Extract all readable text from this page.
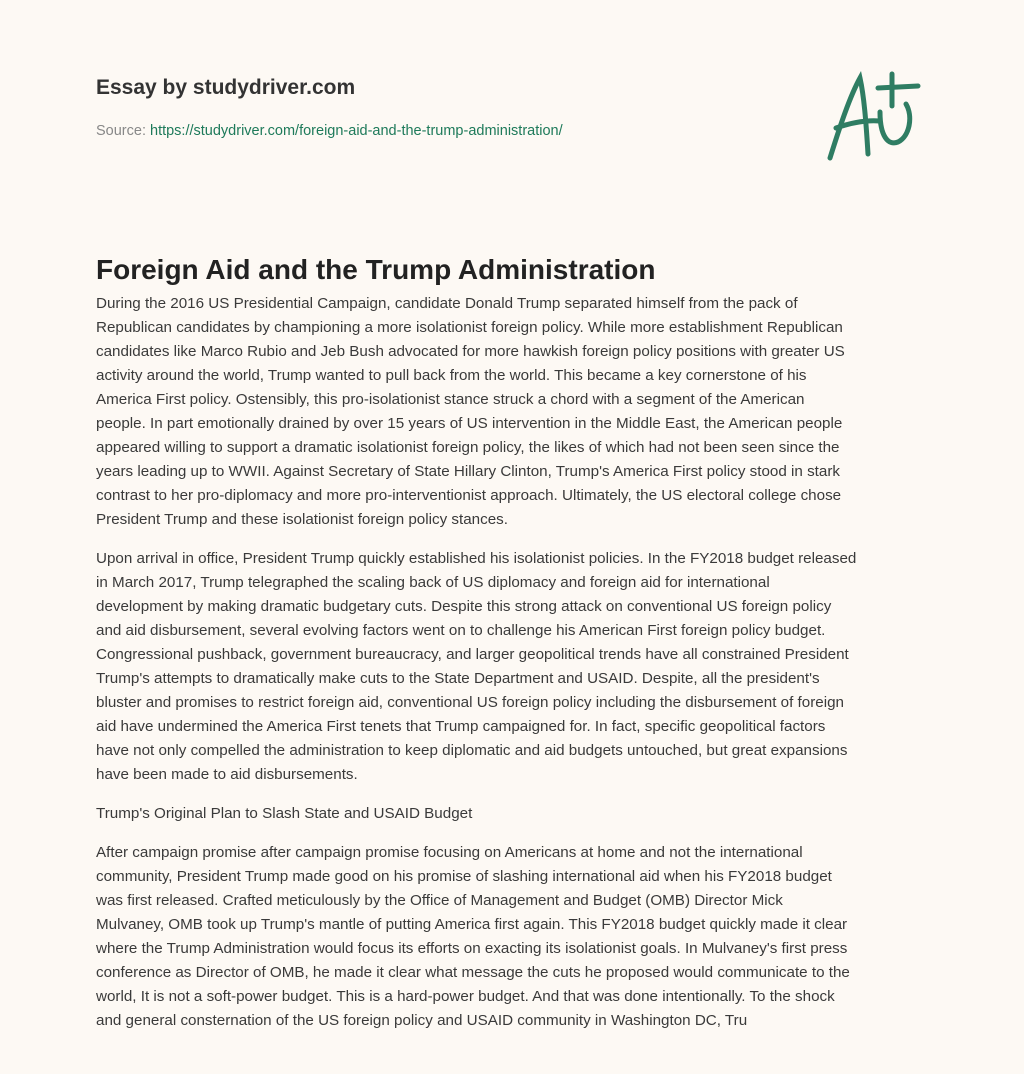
Essay by studydriver.com
Source: https://studydriver.com/foreign-aid-and-the-trump-administration/
Foreign Aid and the Trump Administration

During the 2016 US Presidential Campaign, candidate Donald Trump separated himself from the pack of
Republican candidates by championing a more isolationist foreign policy. While more establishment Republican
candidates like Marco Rubio and Jeb Bush advocated for more hawkish foreign policy positions with greater US
activity around the world, Trump wanted to pull back from the world. This became a key cornerstone of his
America First policy. Ostensibly, this pro-isolationist stance struck a chord with a segment of the American
people. In part emotionally drained by over 15 years of US intervention in the Middle East, the American people
appeared willing to support a dramatic isolationist foreign policy, the likes of which had not been seen since the
years leading up to WWII. Against Secretary of State Hillary Clinton, Trump's America First policy stood in stark
contrast to her pro-diplomacy and more pro-interventionist approach. Ultimately, the US electoral college chose
President Trump and these isolationist foreign policy stances.

Upon arrival in office, President Trump quickly established his isolationist policies. In the FY2018 budget released
in March 2017, Trump telegraphed the scaling back of US diplomacy and foreign aid for international
development by making dramatic budgetary cuts. Despite this strong attack on conventional US foreign policy
and aid disbursement, several evolving factors went on to challenge his American First foreign policy budget.
Congressional pushback, government bureaucracy, and larger geopolitical trends have all constrained President
Trump's attempts to dramatically make cuts to the State Department and USAID. Despite, all the president's
bluster and promises to restrict foreign aid, conventional US foreign policy including the disbursement of foreign
aid have undermined the America First tenets that Trump campaigned for. In fact, specific geopolitical factors
have not only compelled the administration to keep diplomatic and aid budgets untouched, but great expansions
have been made to aid disbursements.

Trump's Original Plan to Slash State and USAID Budget

After campaign promise after campaign promise focusing on Americans at home and not the international
community, President Trump made good on his promise of slashing international aid when his FY2018 budget
was first released. Crafted meticulously by the Office of Management and Budget (OMB) Director Mick
Mulvaney, OMB took up Trump's mantle of putting America first again. This FY2018 budget quickly made it clear
where the Trump Administration would focus its efforts on exacting its isolationist goals. In Mulvaney's first press
conference as Director of OMB, he made it clear what message the cuts he proposed would communicate to the
world, It is not a soft-power budget. This is a hard-power budget. And that was done intentionally. To the shock
and general consternation of the US foreign policy and USAID community in Washington DC, Tru
